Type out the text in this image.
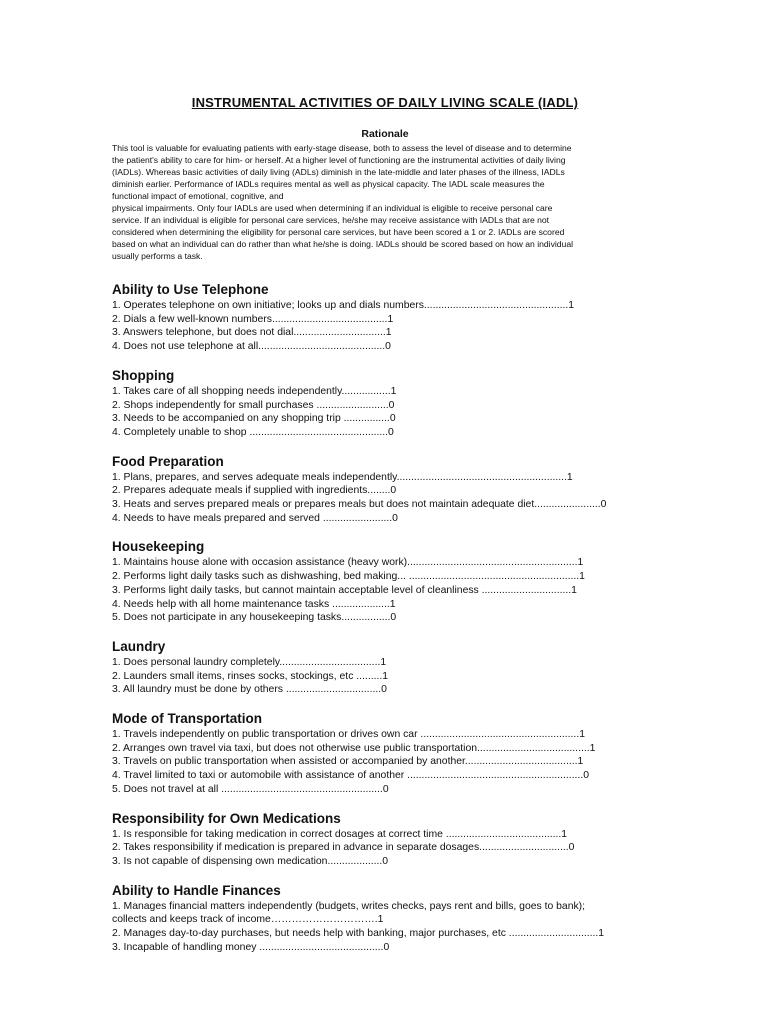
INSTRUMENTAL ACTIVITIES OF DAILY LIVING SCALE (IADL)
Rationale

This tool is valuable for evaluating patients with early-stage disease, both to assess the level of disease and to determine

the patient's ability to care for him- or herself. At a higher level of functioning are the instrumental activities of daily living

(IADLs). Whereas basic activities of daily living (ADLs) diminish in the late-middle and later phases of the illness, IADLs

diminish earlier. Performance of IADLs requires mental as well as physical capacity. The IADL scale measures the

functional impact of emotional, cognitive, and

physical impairments. Only four IADLs are used when determining if an individual is eligible to receive personal care

service. If an individual is eligible for personal care services, he/she may receive assistance with IADLs that are not

considered when determining the eligibility for personal care services, but have been scored a 1 or 2. IADLs are scored

based on what an individual can do rather than what he/she is doing. IADLs should be scored based on how an individual

usually performs a task.

Ability to Use Telephone
1. Operates telephone on own initiative; looks up and dials numbers..................................................1
2. Dials a few well-known numbers........................................1
3. Answers telephone, but does not dial................................1
4. Does not use telephone at all............................................0
Shopping
1. Takes care of all shopping needs independently.................1
2. Shops independently for small purchases .........................0
3. Needs to be accompanied on any shopping trip ................0
4. Completely unable to shop ................................................0
Food Preparation
1. Plans, prepares, and serves adequate meals independently...........................................................1
2. Prepares adequate meals if supplied with ingredients........0
3. Heats and serves prepared meals or prepares meals but does not maintain adequate diet.......................0
4. Needs to have meals prepared and served ........................0
Housekeeping
1. Maintains house alone with occasion assistance (heavy work)...........................................................1
2. Performs light daily tasks such as dishwashing, bed making... ...........................................................1
3. Performs light daily tasks, but cannot maintain acceptable level of cleanliness ...............................1
4. Needs help with all home maintenance tasks ....................1
5. Does not participate in any housekeeping tasks.................0
Laundry
1. Does personal laundry completely...................................1
2. Launders small items, rinses socks, stockings, etc .........1
3. All laundry must be done by others .................................0
Mode of Transportation
1. Travels independently on public transportation or drives own car .......................................................1
2. Arranges own travel via taxi, but does not otherwise use public transportation.......................................1
3. Travels on public transportation when assisted or accompanied by another.......................................1
4. Travel limited to taxi or automobile with assistance of another .............................................................0
5. Does not travel at all ........................................................0
Responsibility for Own Medications
1. Is responsible for taking medication in correct dosages at correct time ........................................1
2. Takes responsibility if medication is prepared in advance in separate dosages...............................0
3. Is not capable of dispensing own medication...................0
Ability to Handle Finances
1. Manages financial matters independently (budgets, writes checks, pays rent and bills, goes to bank);
collects and keeps track of income………………………….1
2. Manages day-to-day purchases, but needs help with banking, major purchases, etc ...............................1
3. Incapable of handling money ...........................................0
